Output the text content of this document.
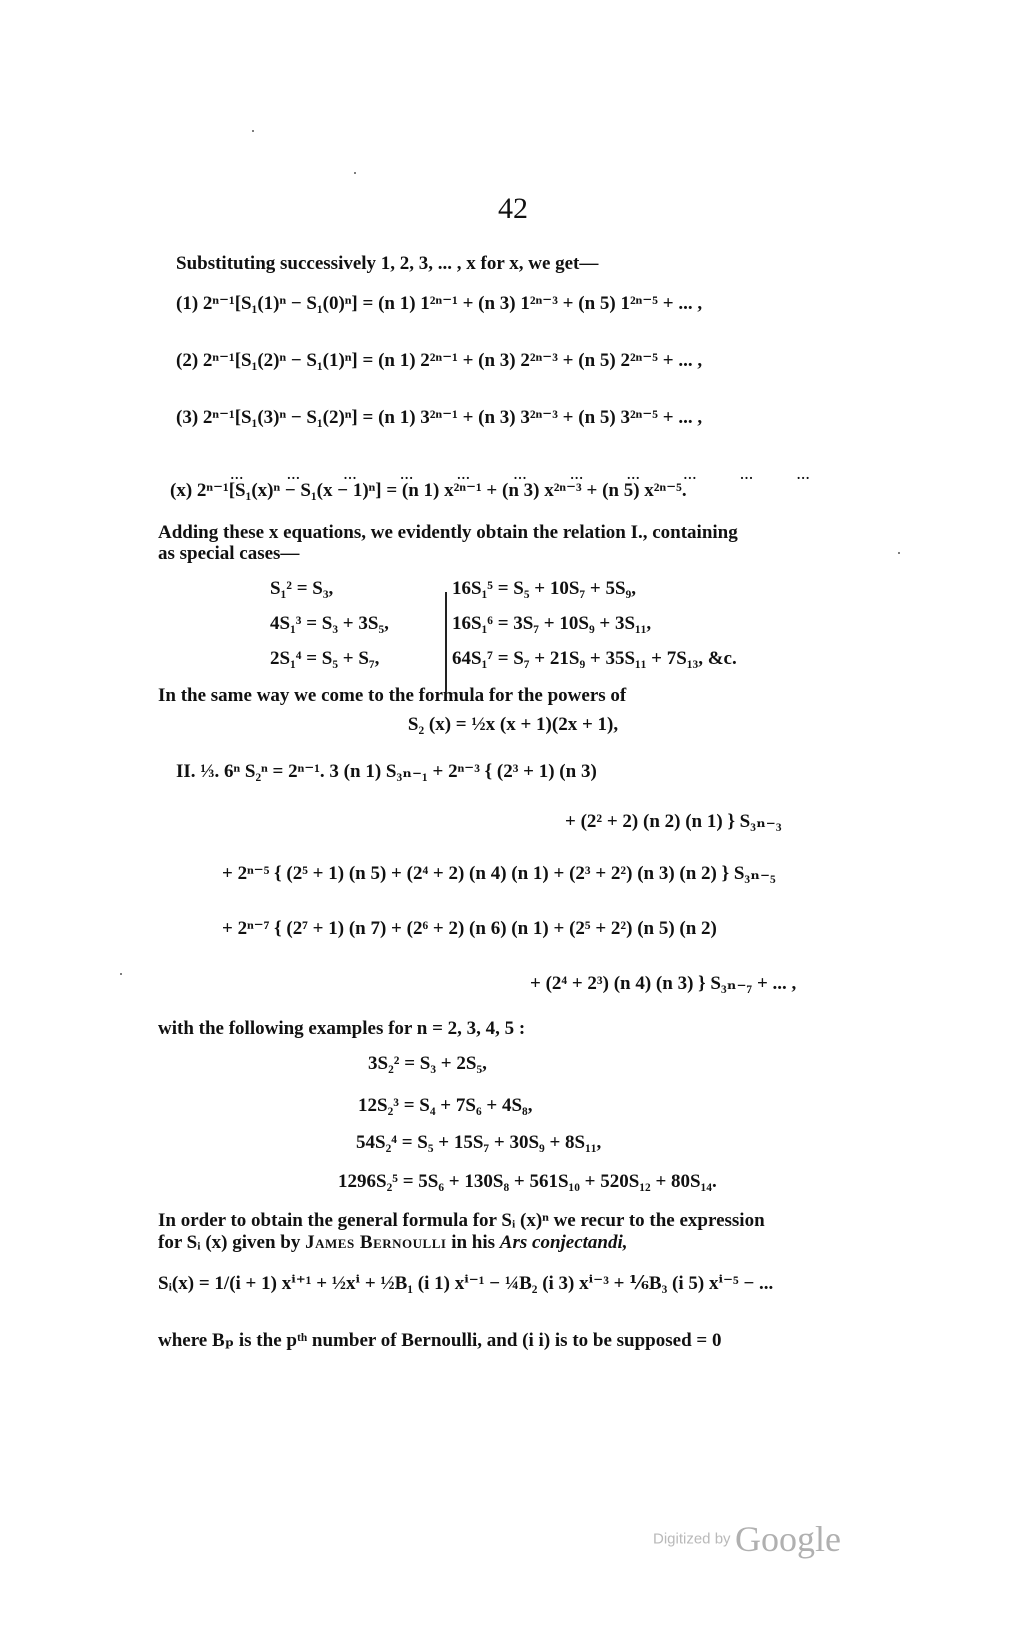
42
Substituting successively 1, 2, 3, ... , x for x, we get—
(1) 2ⁿ⁻¹[S₁(1)ⁿ − S₁(0)ⁿ] = (n 1) 1²ⁿ⁻¹ + (n 3) 1²ⁿ⁻³ + (n 5) 1²ⁿ⁻⁵ + ... ,
(2) 2ⁿ⁻¹[S₁(2)ⁿ − S₁(1)ⁿ] = (n 1) 2²ⁿ⁻¹ + (n 3) 2²ⁿ⁻³ + (n 5) 2²ⁿ⁻⁵ + ... ,
(3) 2ⁿ⁻¹[S₁(3)ⁿ − S₁(2)ⁿ] = (n 1) 3²ⁿ⁻¹ + (n 3) 3²ⁿ⁻³ + (n 5) 3²ⁿ⁻⁵ + ... ,
... ... ... ... ... ... ... ... ... ... ...
(x) 2ⁿ⁻¹[S₁(x)ⁿ − S₁(x − 1)ⁿ] = (n 1) x²ⁿ⁻¹ + (n 3) x²ⁿ⁻³ + (n 5) x²ⁿ⁻⁵.
Adding these x equations, we evidently obtain the relation I., containing
as special cases—
S₁² = S₃,
4S₁³ = S₃ + 3S₅,
2S₁⁴ = S₅ + S₇,
16S₁⁵ = S₅ + 10S₇ + 5S₉,
16S₁⁶ = 3S₇ + 10S₉ + 3S₁₁,
64S₁⁷ = S₇ + 21S₉ + 35S₁₁ + 7S₁₃, &c.
In the same way we come to the formula for the powers of
S₂ (x) = ½x (x + 1)(2x + 1),
II. ⅓. 6ⁿ S₂ⁿ = 2ⁿ⁻¹. 3 (n 1) S₃ₙ₋₁ + 2ⁿ⁻³ { (2³ + 1) (n 3)
+ (2² + 2) (n 2) (n 1) } S₃ₙ₋₃
+ 2ⁿ⁻⁵ { (2⁵ + 1) (n 5) + (2⁴ + 2) (n 4) (n 1) + (2³ + 2²) (n 3) (n 2) } S₃ₙ₋₅
+ 2ⁿ⁻⁷ { (2⁷ + 1) (n 7) + (2⁶ + 2) (n 6) (n 1) + (2⁵ + 2²) (n 5) (n 2)
+ (2⁴ + 2³) (n 4) (n 3) } S₃ₙ₋₇ + ... ,
with the following examples for n = 2, 3, 4, 5 :
3S₂² = S₃ + 2S₅,
12S₂³ = S₄ + 7S₆ + 4S₈,
54S₂⁴ = S₅ + 15S₇ + 30S₉ + 8S₁₁,
1296S₂⁵ = 5S₆ + 130S₈ + 561S₁₀ + 520S₁₂ + 80S₁₄.
In order to obtain the general formula for Sᵢ (x)ⁿ we recur to the expression
for Sᵢ (x) given by James Bernoulli in his Ars conjectandi,
Sᵢ(x) = 1/(i + 1) xⁱ⁺¹ + ½xⁱ + ½B₁ (i 1) xⁱ⁻¹ − ¼B₂ (i 3) xⁱ⁻³ + ⅙B₃ (i 5) xⁱ⁻⁵ − ...
where Bₚ is the pᵗʰ number of Bernoulli, and (i i) is to be supposed = 0
Digitized by Google
